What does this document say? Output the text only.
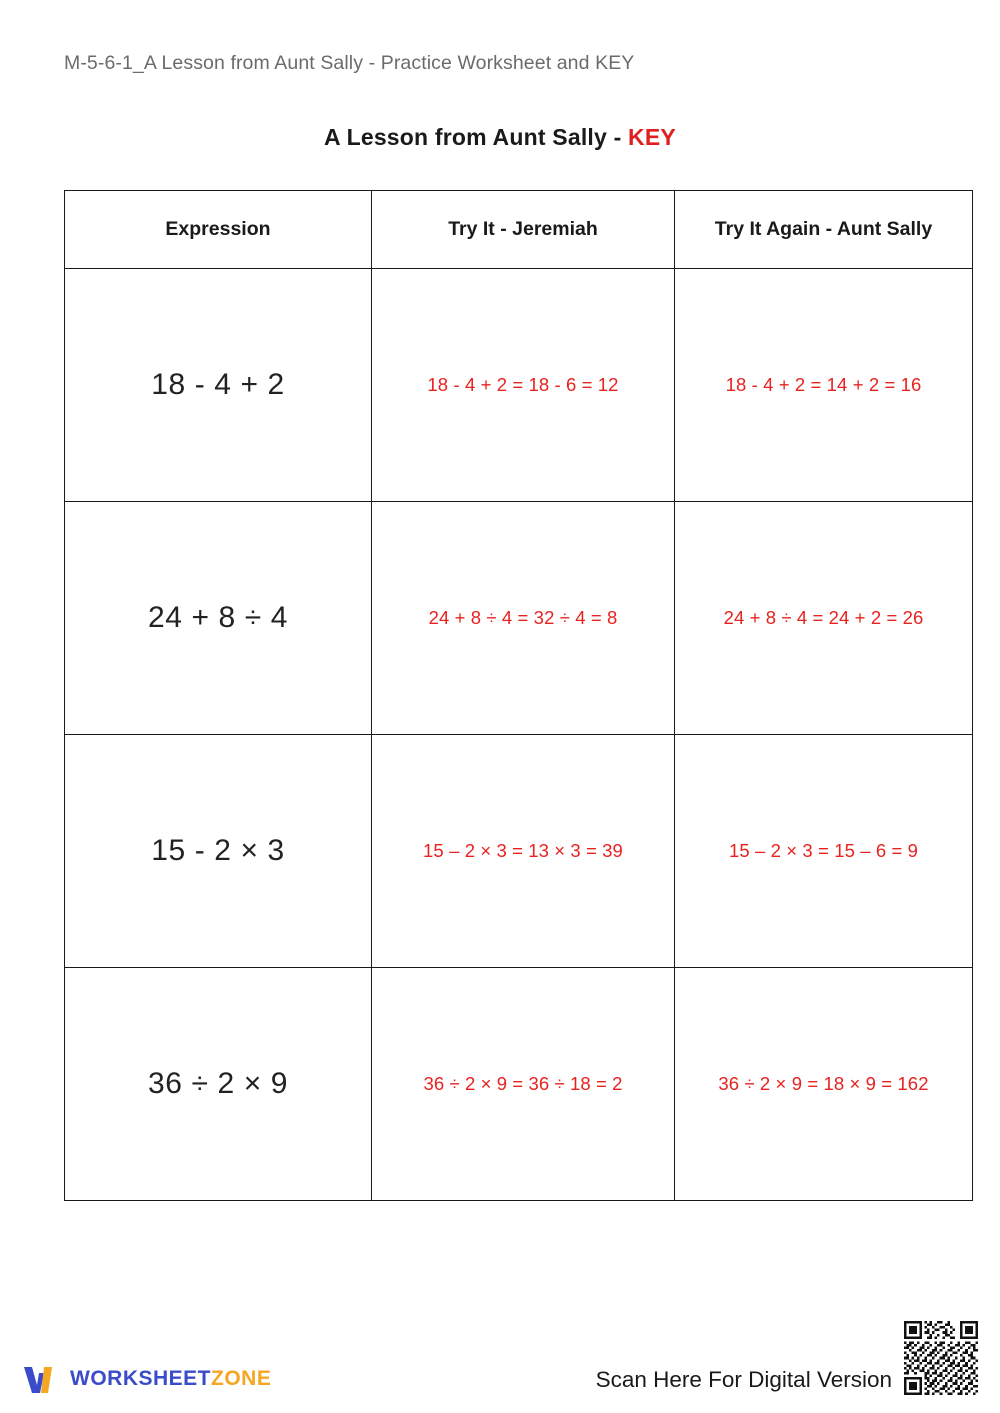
M-5-6-1_A Lesson from Aunt Sally - Practice Worksheet and KEY
A Lesson from Aunt Sally - KEY
Expression	Try It - Jeremiah	Try It Again - Aunt Sally
18 - 4 + 2	18 - 4 + 2 = 18 - 6 = 12	18 - 4 + 2 = 14 + 2 = 16
24 + 8 ÷ 4	24 + 8 ÷ 4 = 32 ÷ 4 = 8	24 + 8 ÷ 4 = 24 + 2 = 26
15 - 2 × 3	15 – 2 × 3 = 13 × 3 = 39	15 – 2 × 3 = 15 – 6 = 9
36 ÷ 2 × 9	36 ÷ 2 × 9 = 36 ÷ 18 = 2	36 ÷ 2 × 9 = 18 × 9 = 162
WORKSHEETZONE	Scan Here For Digital Version
